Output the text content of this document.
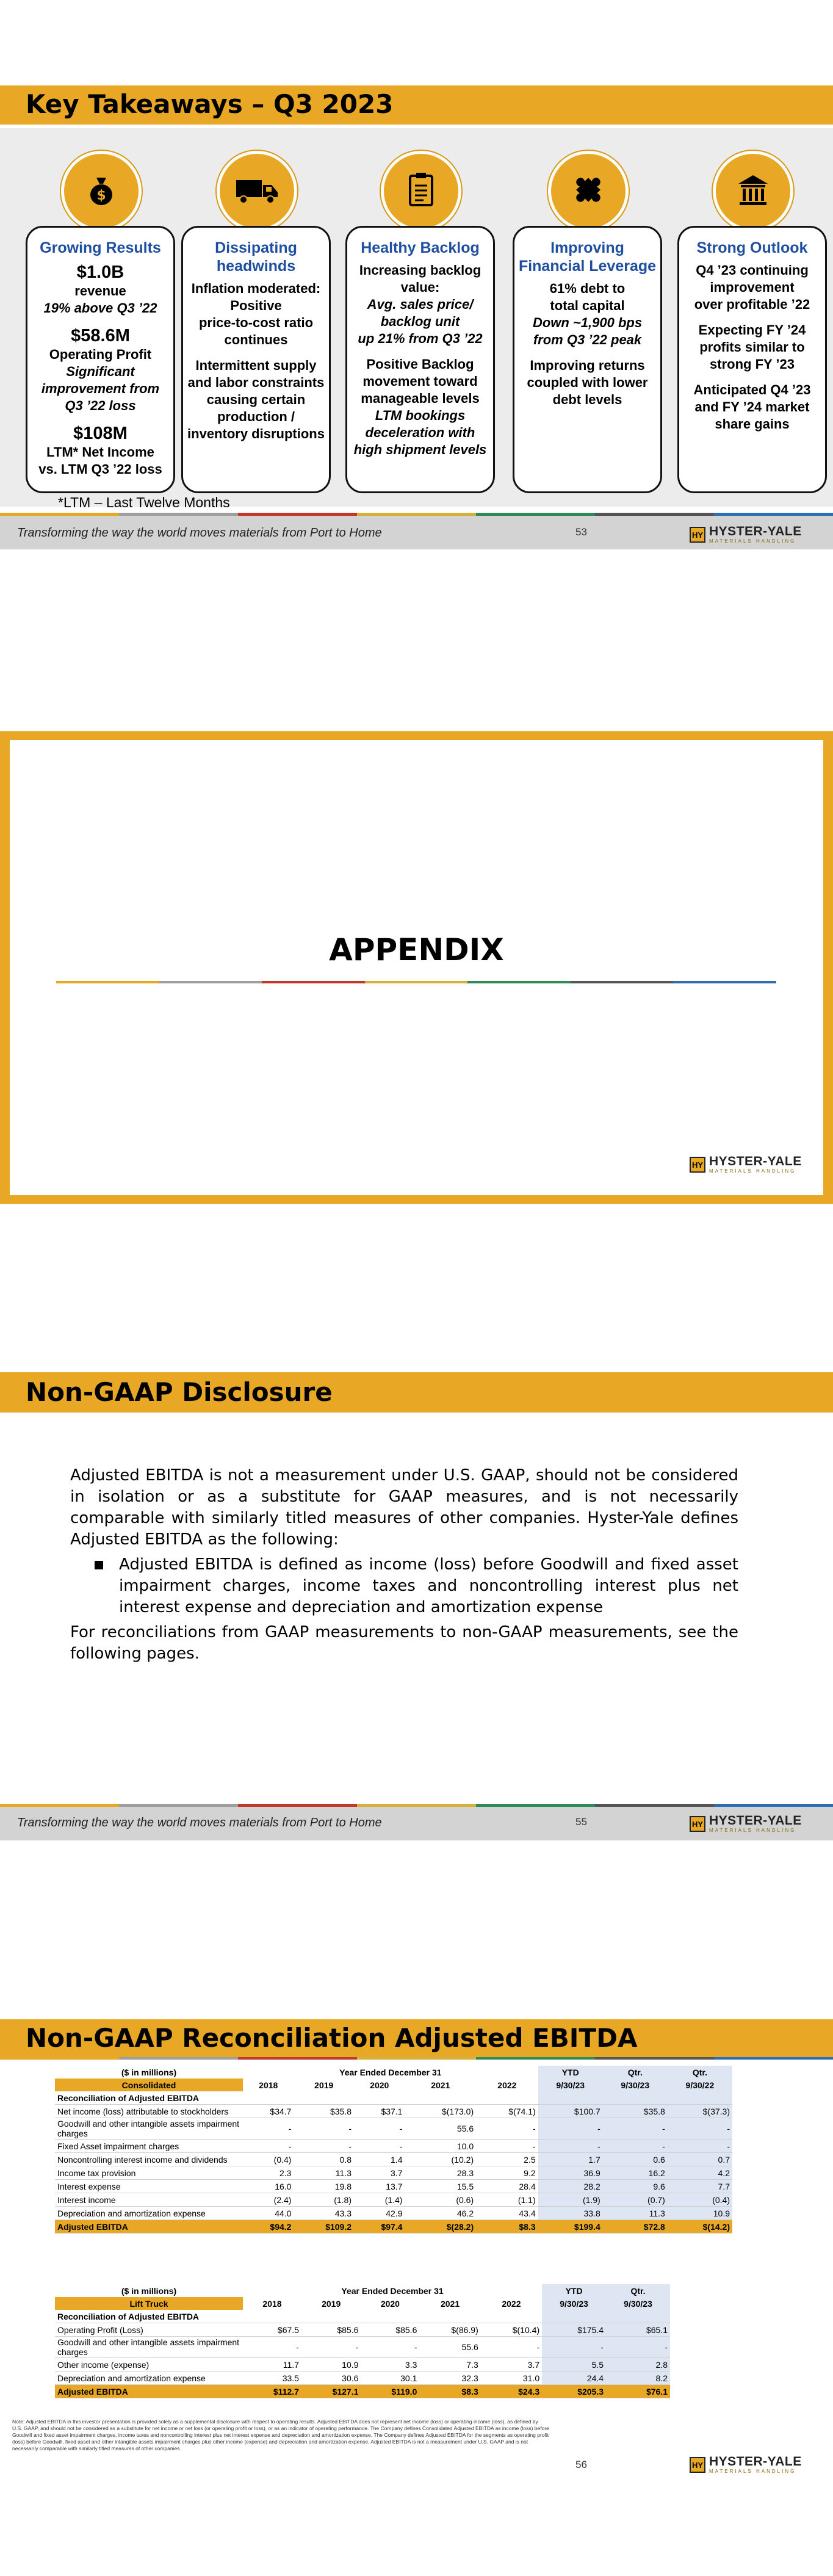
Key Takeaways – Q3 2023
$
Growing Results

$1.0B

revenue

19% above Q3 ’22

$58.6M

Operating Profit

Significant

improvement from

Q3 ’22 loss

$108M

LTM* Net Income

vs. LTM Q3 ’22 loss

Dissipating headwinds

Inflation moderated:

Positive

price-to-cost ratio

continues

Intermittent supply

and labor constraints

causing certain

production /

inventory disruptions

Healthy Backlog

Increasing backlog

value:

Avg. sales price/

backlog unit

up 21% from Q3 ’22

Positive Backlog

movement toward

manageable levels

LTM bookings

deceleration with

high shipment levels

Improving Financial Leverage

61% debt to

total capital

Down ~1,900 bps

from Q3 ’22 peak

Improving returns

coupled with lower

debt levels

Strong Outlook

Q4 ’23 continuing

improvement

over profitable ’22

Expecting FY ’24

profits similar to

strong FY ’23

Anticipated Q4 ’23

and FY ’24 market

share gains

*LTM – Last Twelve Months
Transforming the way the world moves materials from Port to Home	53	HY HYSTER-YALE
MATERIALS HANDLING
APPENDIX
HY HYSTER-YALE
MATERIALS HANDLING
Non-GAAP Disclosure

Adjusted EBITDA is not a measurement under U.S. GAAP, should not be considered in isolation or as a substitute for GAAP measures, and is not necessarily comparable with similarly titled measures of other companies. Hyster-Yale defines Adjusted EBITDA as the following:

Adjusted EBITDA is defined as income (loss) before Goodwill and fixed asset impairment charges, income taxes and noncontrolling interest plus net interest expense and depreciation and amortization expense

For reconciliations from GAAP measurements to non-GAAP measurements, see the following pages.

Transforming the way the world moves materials from Port to Home	55	HY HYSTER-YALE
MATERIALS HANDLING
Non-GAAP Reconciliation Adjusted EBITDA
($ in millions)	Year Ended December 31					YTD	Qtr.	Qtr.
Consolidated	2018	2019	2020	2021	2022	9/30/23	9/30/23	9/30/22
Reconciliation of Adjusted EBITDA								
Net income (loss) attributable to stockholders	$34.7	$35.8	$37.1	$(173.0)	$(74.1)	$100.7	$35.8	$(37.3)
Goodwill and other intangible assets impairment charges	-	-	-	55.6	-	-	-	-
Fixed Asset impairment charges	-	-	-	10.0	-	-	-	-
Noncontrolling interest income and dividends	(0.4)	0.8	1.4	(10.2)	2.5	1.7	0.6	0.7
Income tax provision	2.3	11.3	3.7	28.3	9.2	36.9	16.2	4.2
Interest expense	16.0	19.8	13.7	15.5	28.4	28.2	9.6	7.7
Interest income	(2.4)	(1.8)	(1.4)	(0.6)	(1.1)	(1.9)	(0.7)	(0.4)
Depreciation and amortization expense	44.0	43.3	42.9	46.2	43.4	33.8	11.3	10.9
Adjusted EBITDA	$94.2	$109.2	$97.4	$(28.2)	$8.3	$199.4	$72.8	$(14.2)
($ in millions)	Year Ended December 31					YTD	Qtr.
Lift Truck	2018	2019	2020	2021	2022	9/30/23	9/30/23
Reconciliation of Adjusted EBITDA							
Operating Profit (Loss)	$67.5	$85.6	$85.6	$(86.9)	$(10.4)	$175.4	$65.1
Goodwill and other intangible assets impairment charges	-	-	-	55.6	-	-	-
Other income (expense)	11.7	10.9	3.3	7.3	3.7	5.5	2.8
Depreciation and amortization expense	33.5	30.6	30.1	32.3	31.0	24.4	8.2
Adjusted EBITDA	$112.7	$127.1	$119.0	$8.3	$24.3	$205.3	$76.1
Note: Adjusted EBITDA in this investor presentation is provided solely as a supplemental disclosure with respect to operating results. Adjusted EBITDA does not represent net income (loss) or operating income (loss), as defined by U.S. GAAP, and should not be considered as a substitute for net income or net loss (or operating profit or loss), or as an indicator of operating performance. The Company defines Consolidated Adjusted EBITDA as income (loss) before Goodwill and fixed asset impairment charges, income taxes and noncontrolling interest plus net interest expense and depreciation and amortization expense. The Company defines Adjusted EBITDA for the segments as operating profit (loss) before Goodwill, fixed asset and other intangible assets impairment charges plus other income (expense) and depreciation and amortization expense. Adjusted EBITDA is not a measurement under U.S. GAAP and is not necessarily comparable with similarly titled measures of other companies.
56	HY HYSTER-YALE
MATERIALS HANDLING
